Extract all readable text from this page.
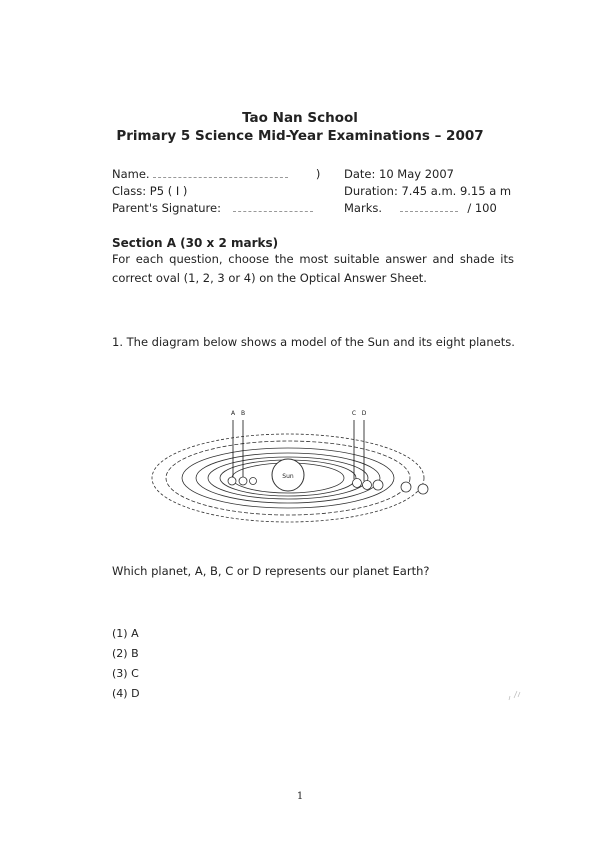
Tao Nan School
Primary 5 Science Mid-Year Examinations – 2007
Name.	) Date: 10 May 2007
Class: P5 ( I )	Duration: 7.45 a.m. 9.15 a m
Parent's Signature:	Marks.	/ 100
Section A (30 x 2 marks)
For each question, choose the most suitable answer and shade its correct oval (1, 2, 3 or 4) on the Optical Answer Sheet.
1. The diagram below shows a model of the Sun and its eight planets.
Sun
A B	C D
Which planet, A, B, C or D represents our planet Earth?
(1) A
(2) B
(3) C
(4) D
1
